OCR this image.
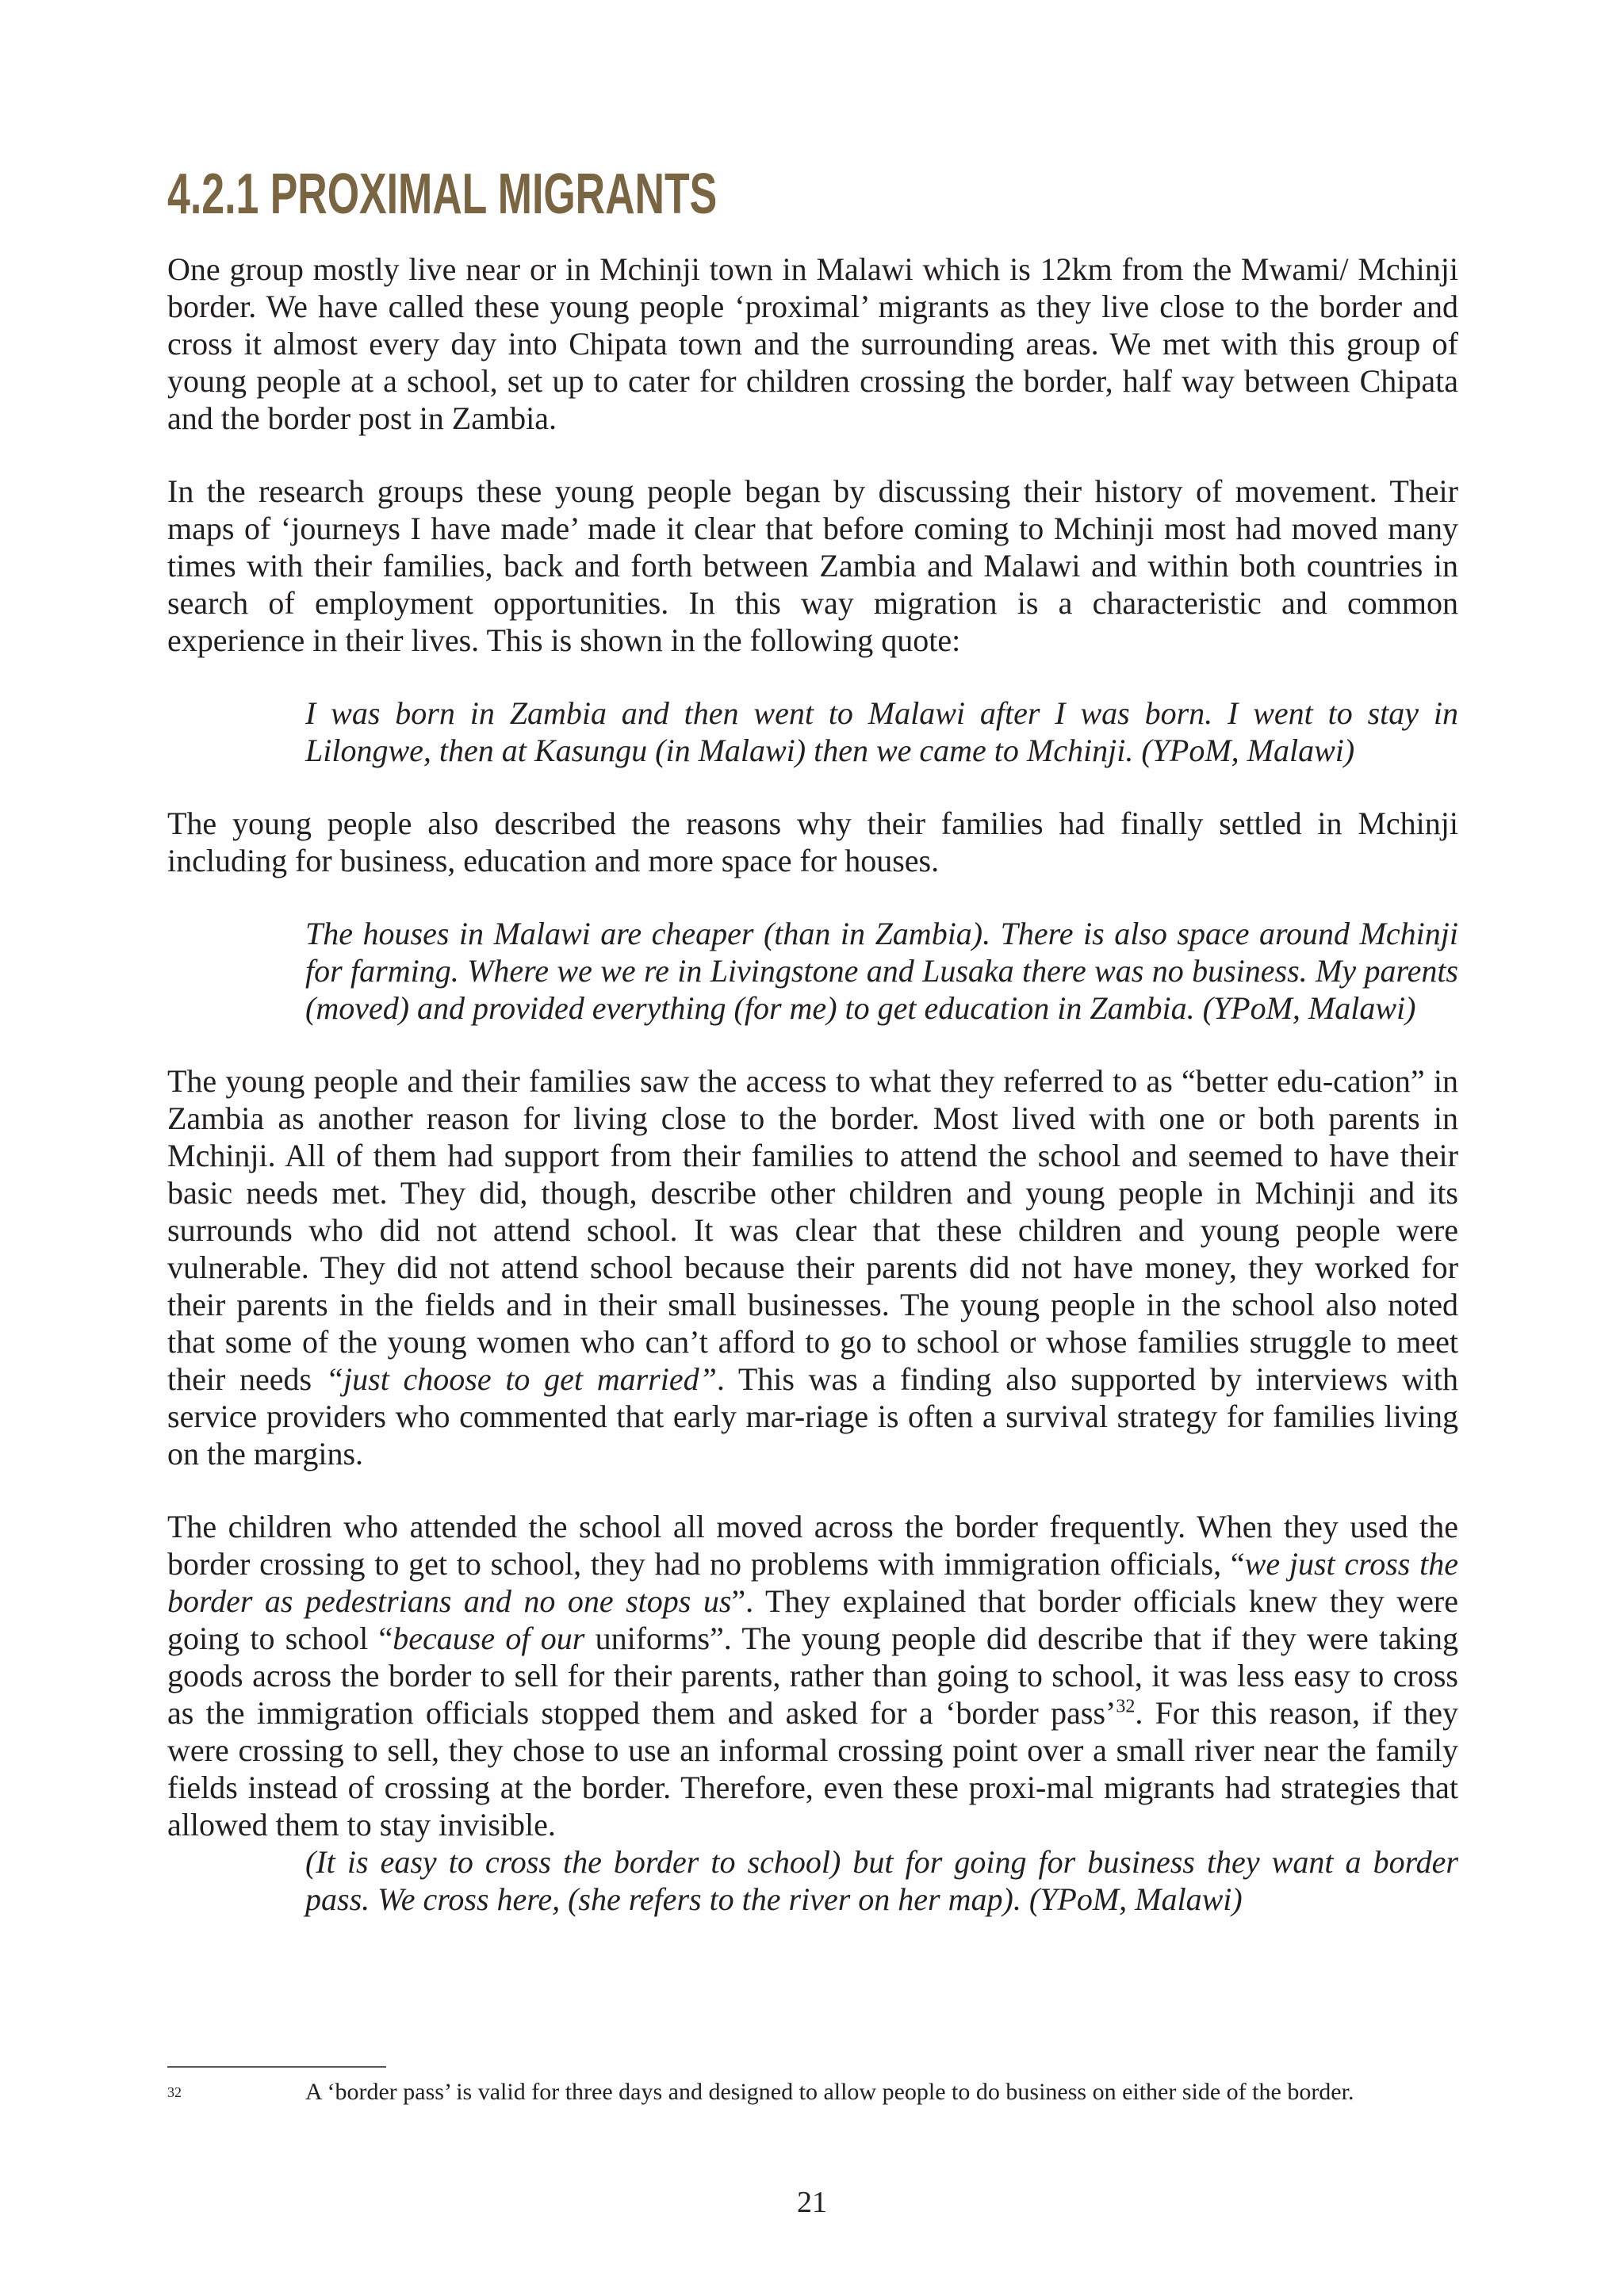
4.2.1 PROXIMAL MIGRANTS

One group mostly live near or in Mchinji town in Malawi which is 12km from the Mwami/ Mchinji border. We have called these young people ‘proximal’ migrants as they live close to the border and cross it almost every day into Chipata town and the surrounding areas. We met with this group of young people at a school, set up to cater for children crossing the border, half way between Chipata and the border post in Zambia.

In the research groups these young people began by discussing their history of movement. Their maps of ‘journeys I have made’ made it clear that before coming to Mchinji most had moved many times with their families, back and forth between Zambia and Malawi and within both countries in search of employment opportunities. In this way migration is a characteristic and common experience in their lives. This is shown in the following quote:

I was born in Zambia and then went to Malawi after I was born. I went to stay in Lilongwe, then at Kasungu (in Malawi) then we came to Mchinji. (YPoM, Malawi)

The young people also described the reasons why their families had finally settled in Mchinji including for business, education and more space for houses.

The houses in Malawi are cheaper (than in Zambia). There is also space around Mchinji for farming. Where we we re in Livingstone and Lusaka there was no business. My parents (moved) and provided everything (for me) to get education in Zambia. (YPoM, Malawi)

The young people and their families saw the access to what they referred to as “better edu-cation” in Zambia as another reason for living close to the border. Most lived with one or both parents in Mchinji. All of them had support from their families to attend the school and seemed to have their basic needs met. They did, though, describe other children and young people in Mchinji and its surrounds who did not attend school. It was clear that these children and young people were vulnerable. They did not attend school because their parents did not have money, they worked for their parents in the fields and in their small businesses. The young people in the school also noted that some of the young women who can’t afford to go to school or whose families struggle to meet their needs “just choose to get married”. This was a finding also supported by interviews with service providers who commented that early mar-riage is often a survival strategy for families living on the margins.

The children who attended the school all moved across the border frequently. When they used the border crossing to get to school, they had no problems with immigration officials, “we just cross the border as pedestrians and no one stops us”. They explained that border officials knew they were going to school “because of our uniforms”. The young people did describe that if they were taking goods across the border to sell for their parents, rather than going to school, it was less easy to cross as the immigration officials stopped them and asked for a ‘border pass’$^{32}$. For this reason, if they were crossing to sell, they chose to use an informal crossing point over a small river near the family fields instead of crossing at the border. Therefore, even these proxi-mal migrants had strategies that allowed them to stay invisible.

(It is easy to cross the border to school) but for going for business they want a border pass. We cross here, (she refers to the river on her map). (YPoM, Malawi)
32	A ‘border pass’ is valid for three days and designed to allow people to do business on either side of the border.
21
